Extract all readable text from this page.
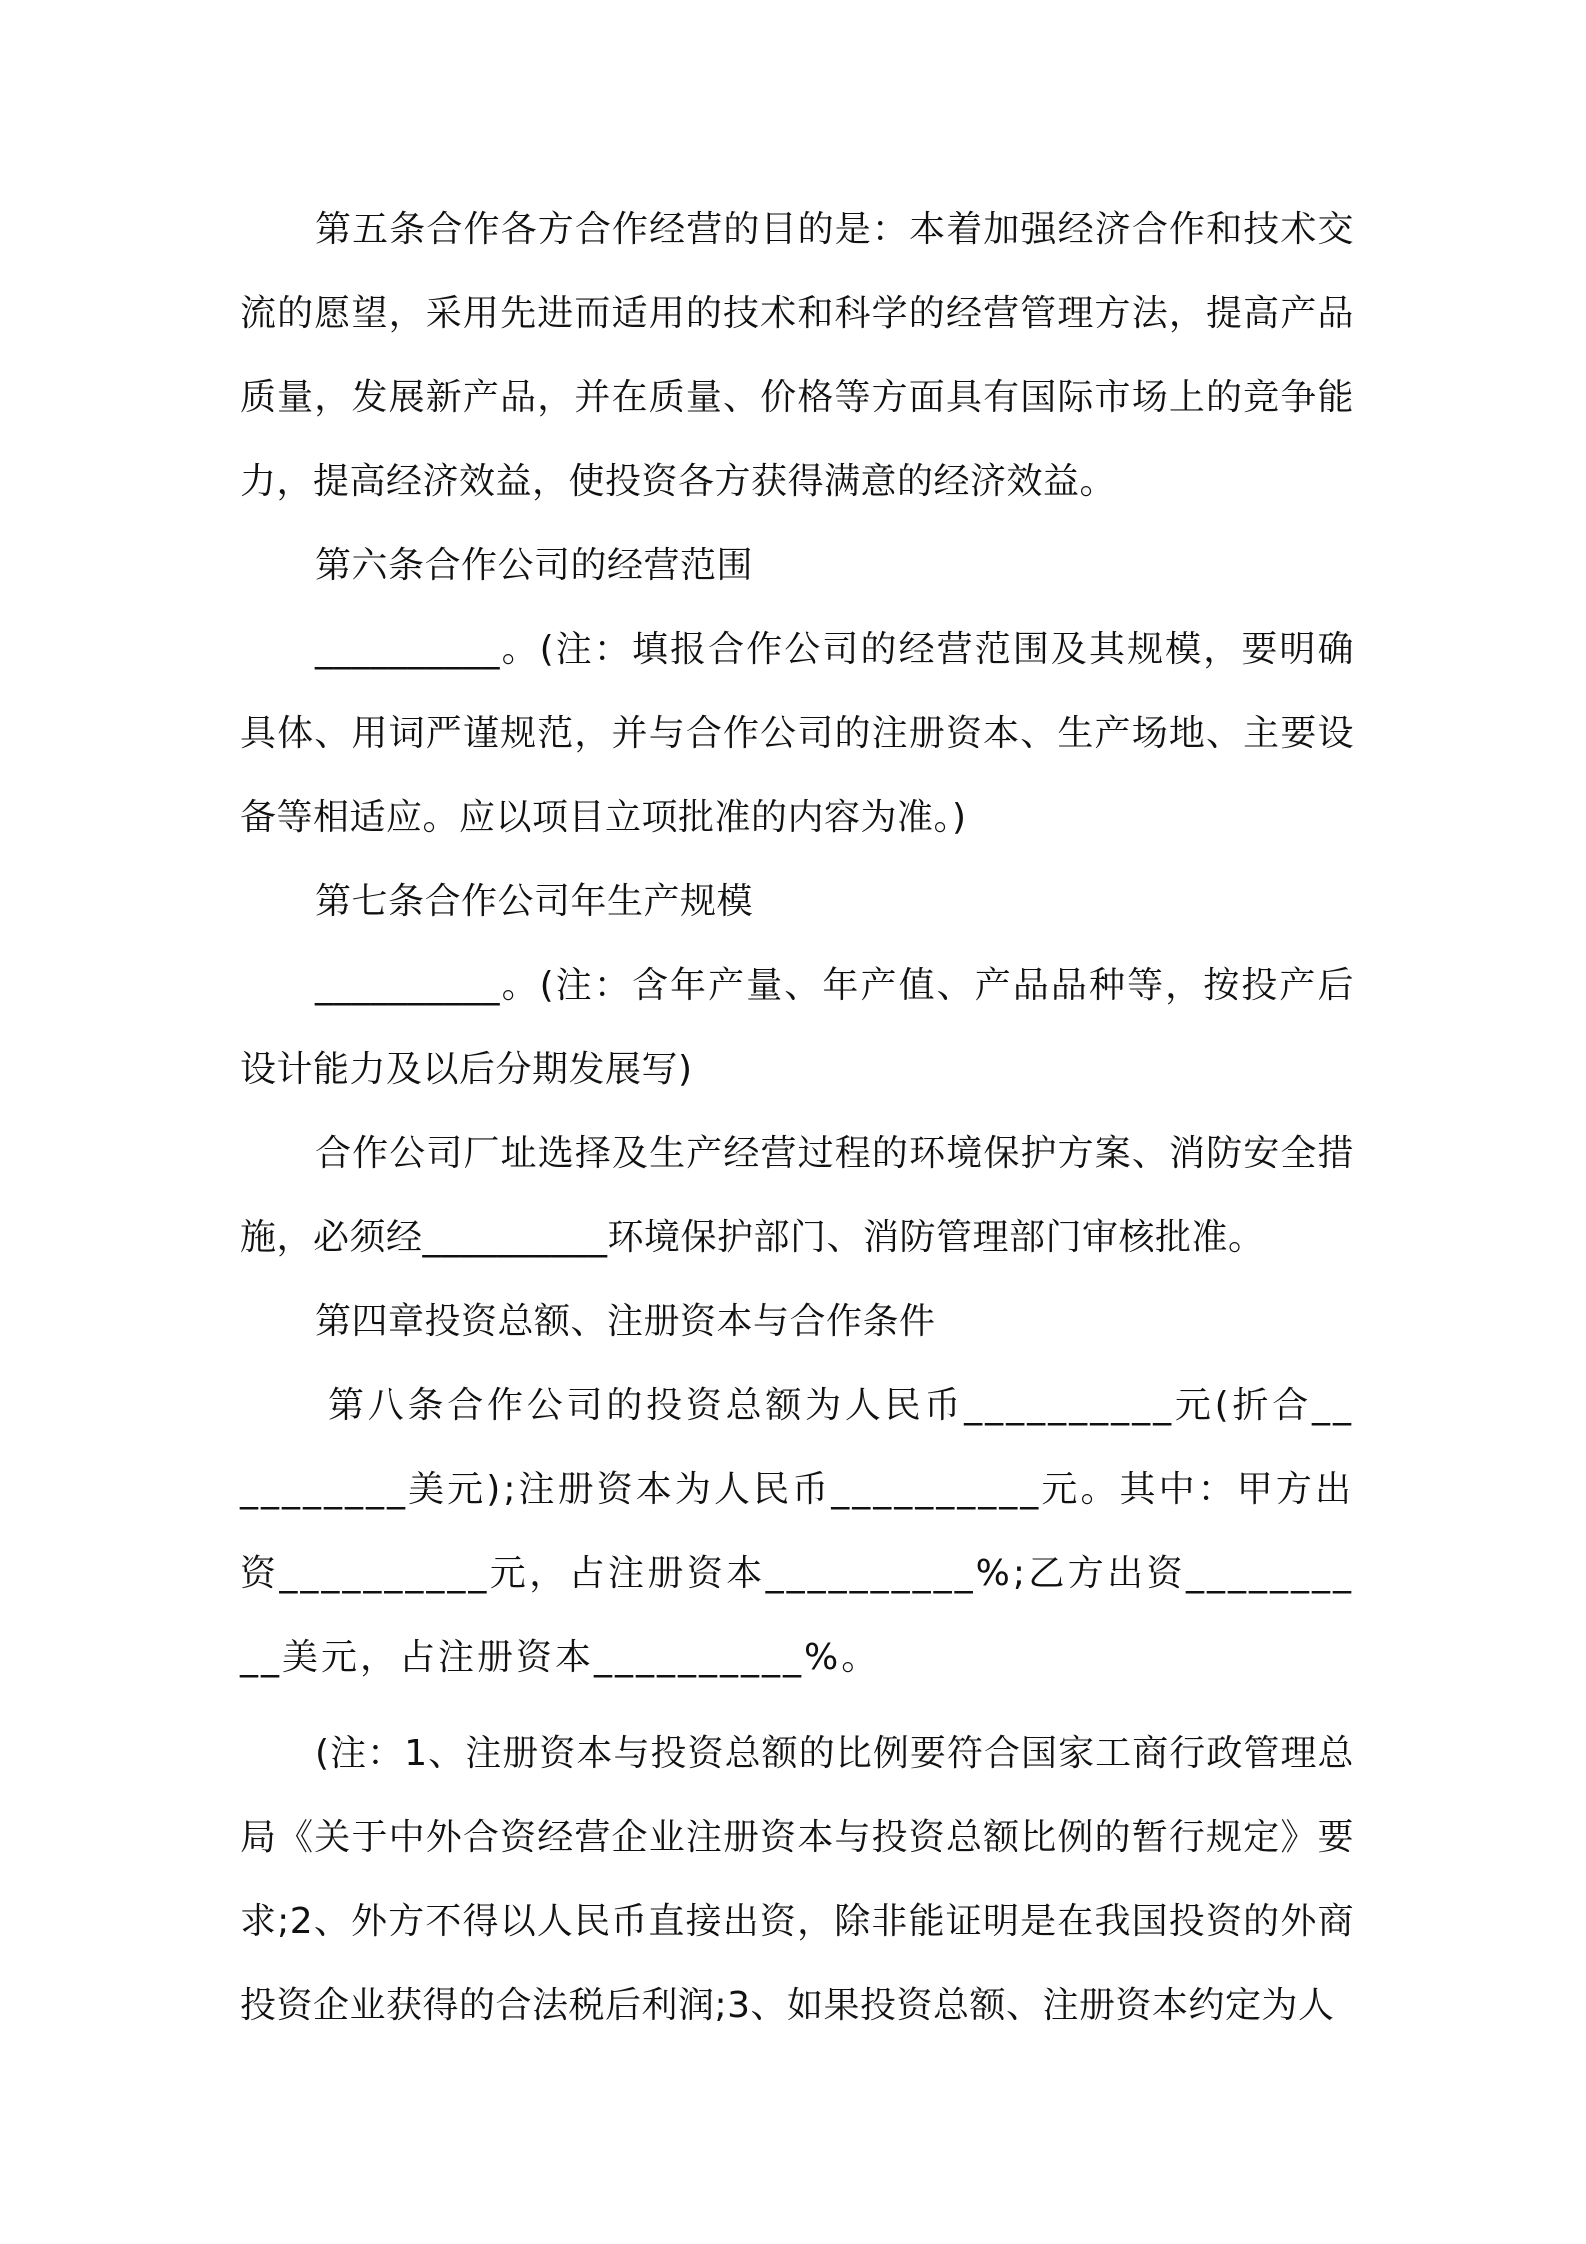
第五条合作各方合作经营的目的是：本着加强经济合作和技术交流的愿望，采用先进而适用的技术和科学的经营管理方法，提高产品质量，发展新产品，并在质量、价格等方面具有国际市场上的竞争能力，提高经济效益，使投资各方获得满意的经济效益。

第六条合作公司的经营范围

__________。(注：填报合作公司的经营范围及其规模，要明确具体、用词严谨规范，并与合作公司的注册资本、生产场地、主要设备等相适应。应以项目立项批准的内容为准。)

第七条合作公司年生产规模

__________。(注：含年产量、年产值、产品品种等，按投产后设计能力及以后分期发展写)

合作公司厂址选择及生产经营过程的环境保护方案、消防安全措施，必须经__________环境保护部门、消防管理部门审核批准。

第四章投资总额、注册资本与合作条件

第八条合作公司的投资总额为人民币__________元(折合__________美元);注册资本为人民币__________元。其中：甲方出资__________元，占注册资本__________%;乙方出资__________美元，占注册资本__________%。

(注：1、注册资本与投资总额的比例要符合国家工商行政管理总局《关于中外合资经营企业注册资本与投资总额比例的暂行规定》要求;2、外方不得以人民币直接出资，除非能证明是在我国投资的外商投资企业获得的合法税后利润;3、如果投资总额、注册资本约定为人
